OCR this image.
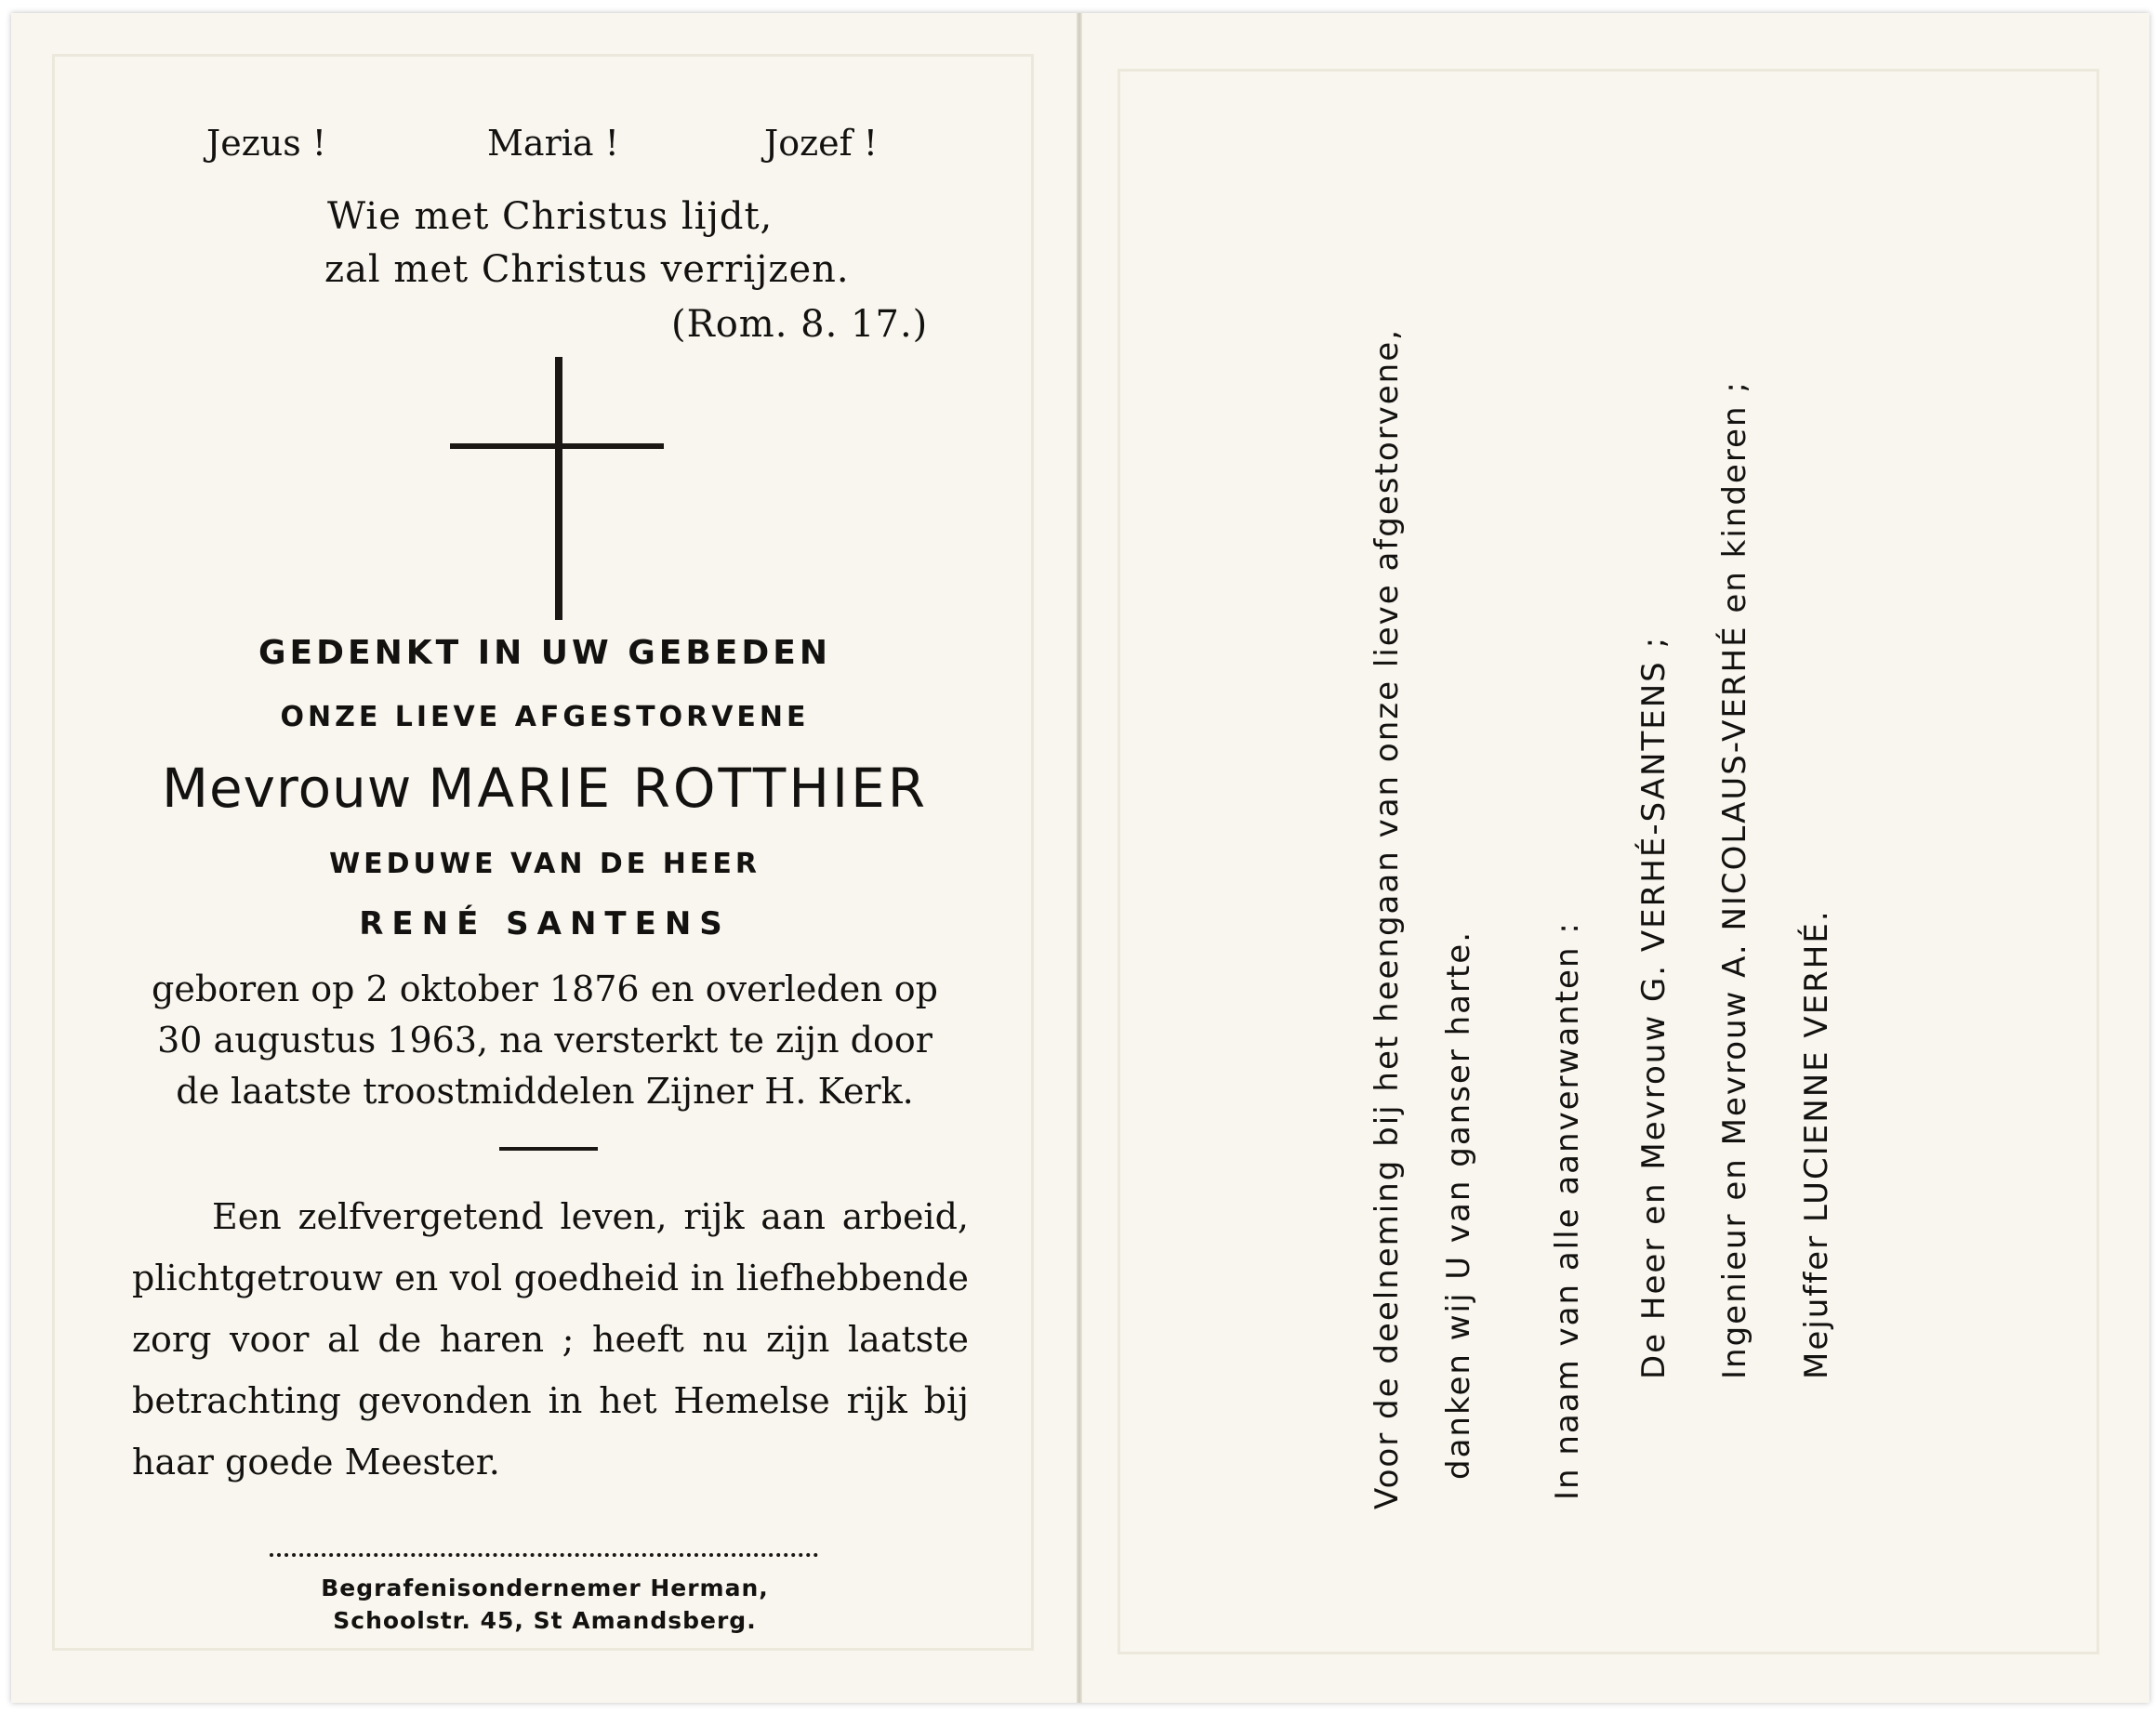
Jezus !	Maria !	Jozef !
Wie met Christus lijdt,
zal met Christus verrijzen.
(Rom. 8. 17.)
GEDENKT IN UW GEBEDEN
ONZE LIEVE AFGESTORVENE
Mevrouw MARIE ROTTHIER
WEDUWE VAN DE HEER
RENÉ SANTENS
geboren op 2 oktober 1876 en overleden op
30 augustus 1963, na versterkt te zijn door
de laatste troostmiddelen Zijner H. Kerk.
Een zelfvergetend leven, rijk aan arbeid, plichtgetrouw en vol goedheid in liefhebbende zorg voor al de haren ; heeft nu zijn laatste betrachting gevonden in het Hemelse rijk bij haar goede Meester.
Begrafenisondernemer Herman,
Schoolstr. 45, St Amandsberg.
Voor de deelneming bij het heengaan van onze lieve afgestorvene, danken wij U van ganser harte. In naam van alle aanverwanten : De Heer en Mevrouw G. VERHÉ-SANTENS ; Ingenieur en Mevrouw A. NICOLAUS-VERHÉ en kinderen ; Mejuffer LUCIENNE VERHÉ.
